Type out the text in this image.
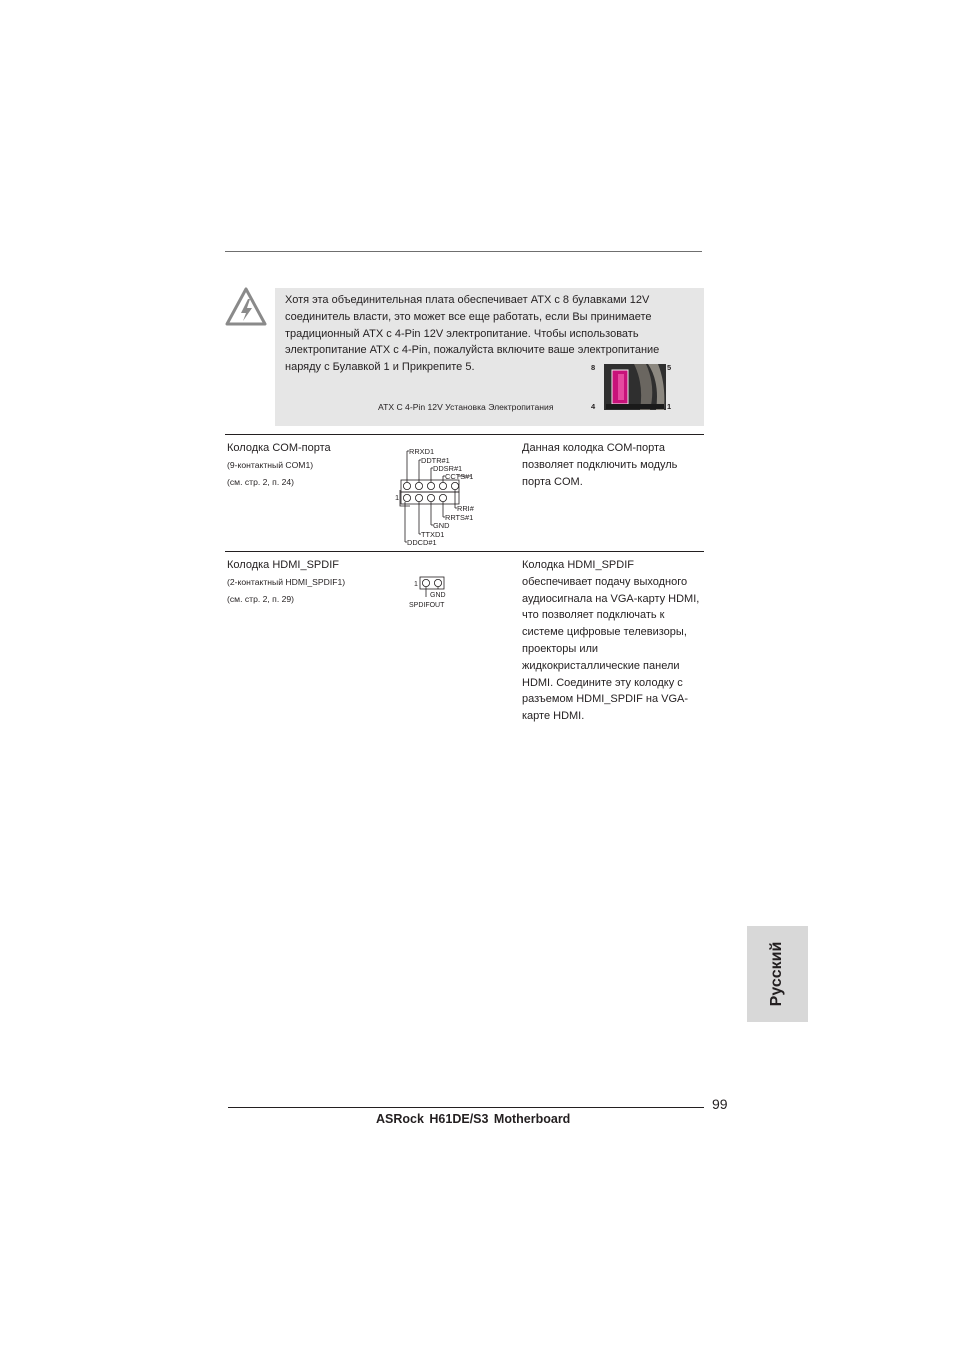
Хотя эта объединительная плата обеспечивает ATX с 8 булавками 12V соединитель власти, это может все еще работать, если Вы принимаете традиционный ATX с 4-Pin 12V электропитание. Чтобы использовать электропитание ATX с 4-Pin, пожалуйста включите ваше электропитание наряду с Булавкой 1 и Прикрепите 5.
ATX C 4-Pin 12V Установка Электропитания
8	5
4	1
Колодка COM-порта
(9-контактный COM1)
(см. стр. 2, п. 24)
Данная колодка COM-порта позволяет подключить модуль порта COM.
1
RRXD1
DDTR#1
DDSR#1
CCTS#1
RRI#
RRTS#1
GND
TTXD1
DDCD#1
Колодка HDMI_SPDIF
(2-контактный HDMI_SPDIF1)
(см. стр. 2, п. 29)
Колодка HDMI_SPDIF обеспечивает подачу выходного аудиосигнала на VGA-карту HDMI, что позволяет подключать к системе цифровые телевизоры, проекторы или жидкокристаллические панели HDMI. Соедините эту колодку с разъемом HDMI_SPDIF на VGA-карте HDMI.
1
GND
SPDIFOUT
Русский
99
ASRock H61DE/S3 Motherboard
